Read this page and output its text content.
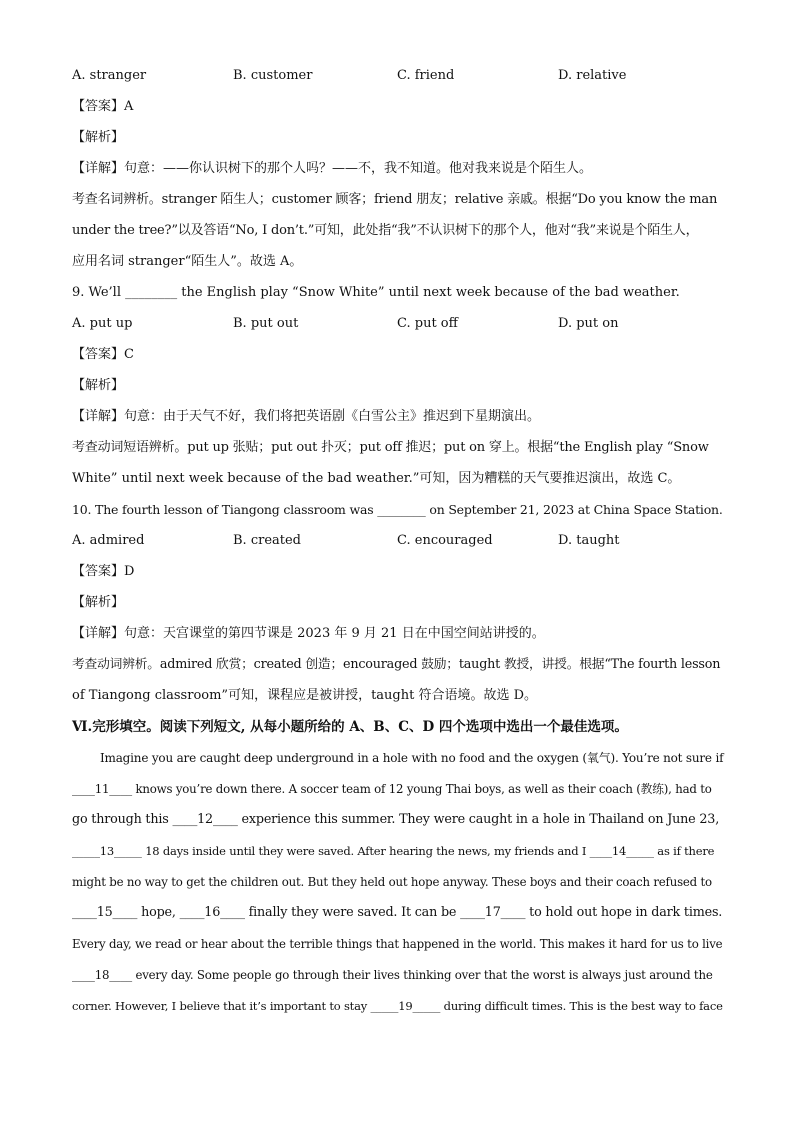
A. stranger	B. customer	C. friend	D. relative
【答案】A
【解析】
【详解】句意：——你认识树下的那个人吗？——不，我不知道。他对我来说是个陌生人。
考查名词辨析。stranger 陌生人；customer 顾客；friend 朋友；relative 亲戚。根据“Do you know the man
under the tree?”以及答语“No, I don’t.”可知，此处指“我”不认识树下的那个人，他对“我”来说是个陌生人，
应用名词 stranger“陌生人”。故选 A。
9. We’ll ________ the English play “Snow White” until next week because of the bad weather.
A. put up	B. put out	C. put off	D. put on
【答案】C
【解析】
【详解】句意：由于天气不好，我们将把英语剧《白雪公主》推迟到下星期演出。
考查动词短语辨析。put up 张贴；put out 扑灭；put off 推迟；put on 穿上。根据“the English play “Snow
White” until next week because of the bad weather.”可知，因为糟糕的天气要推迟演出，故选 C。
10. The fourth lesson of Tiangong classroom was ________ on September 21, 2023 at China Space Station.
A. admired	B. created	C. encouraged	D. taught
【答案】D
【解析】
【详解】句意：天宫课堂的第四节课是 2023 年 9 月 21 日在中国空间站讲授的。
考查动词辨析。admired 欣赏；created 创造；encouraged 鼓励；taught 教授，讲授。根据“The fourth lesson
of Tiangong classroom”可知，课程应是被讲授，taught 符合语境。故选 D。
Ⅵ.完形填空。阅读下列短文, 从每小题所给的 A、B、C、D 四个选项中选出一个最佳选项。
Imagine you are caught deep underground in a hole with no food and the oxygen (氧气). You’re not sure if
____11____ knows you’re down there. A soccer team of 12 young Thai boys, as well as their coach (教练), had to
go through this ____12____ experience this summer. They were caught in a hole in Thailand on June 23,
_____13_____ 18 days inside until they were saved. After hearing the news, my friends and I ____14_____ as if there
might be no way to get the children out. But they held out hope anyway. These boys and their coach refused to
____15____ hope, ____16____ finally they were saved. It can be ____17____ to hold out hope in dark times.
Every day, we read or hear about the terrible things that happened in the world. This makes it hard for us to live
____18____ every day. Some people go through their lives thinking over that the worst is always just around the
corner. However, I believe that it’s important to stay _____19_____ during difficult times. This is the best way to face
